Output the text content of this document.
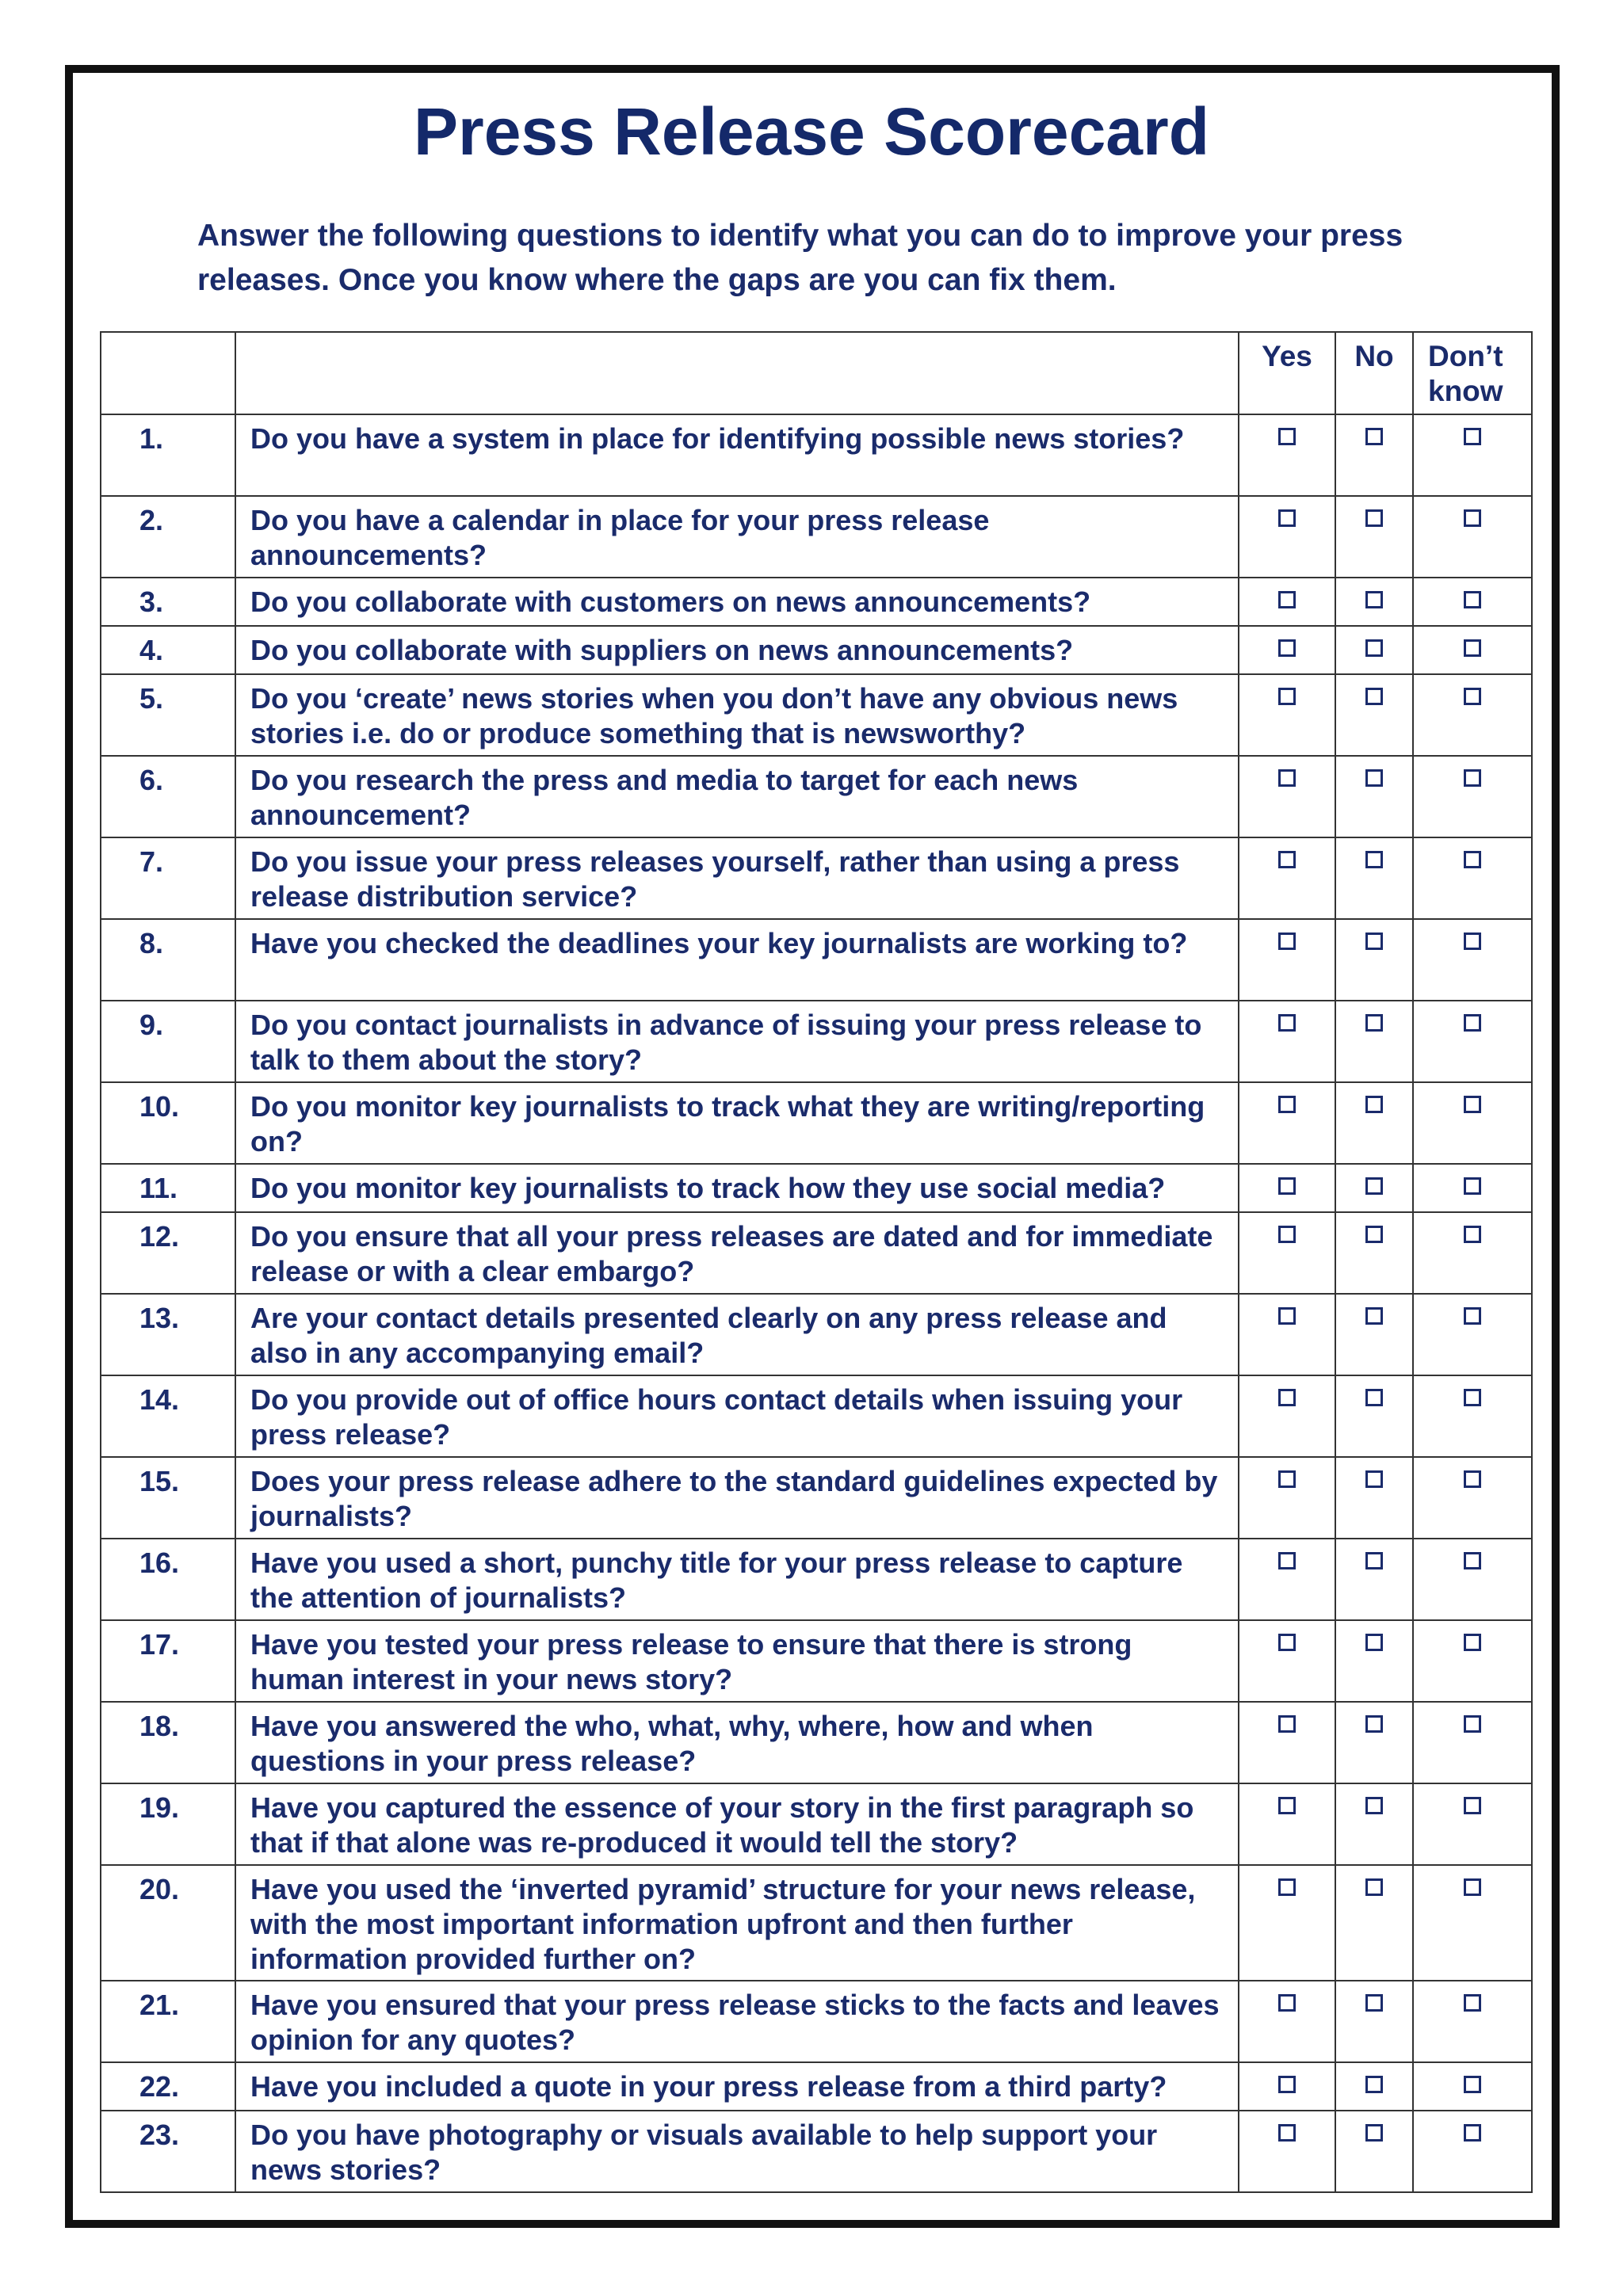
Press Release Scorecard

Answer the following questions to identify what you can do to improve your press releases. Once you know where the gaps are you can fix them.

		Yes	No	Don’t know
1.	Do you have a system in place for identifying possible news stories?			
2.	Do you have a calendar in place for your press release announcements?			
3.	Do you collaborate with customers on news announcements?			
4.	Do you collaborate with suppliers on news announcements?			
5.	Do you ‘create’ news stories when you don’t have any obvious news stories i.e. do or produce something that is newsworthy?			
6.	Do you research the press and media to target for each news announcement?			
7.	Do you issue your press releases yourself, rather than using a press release distribution service?			
8.	Have you checked the deadlines your key journalists are working to?			
9.	Do you contact journalists in advance of issuing your press release to talk to them about the story?			
10.	Do you monitor key journalists to track what they are writing/reporting on?			
11.	Do you monitor key journalists to track how they use social media?			
12.	Do you ensure that all your press releases are dated and for immediate release or with a clear embargo?			
13.	Are your contact details presented clearly on any press release and also in any accompanying email?			
14.	Do you provide out of office hours contact details when issuing your press release?			
15.	Does your press release adhere to the standard guidelines expected by journalists?			
16.	Have you used a short, punchy title for your press release to capture the attention of journalists?			
17.	Have you tested your press release to ensure that there is strong human interest in your news story?			
18.	Have you answered the who, what, why, where, how and when questions in your press release?			
19.	Have you captured the essence of your story in the first paragraph so that if that alone was re-produced it would tell the story?			
20.	Have you used the ‘inverted pyramid’ structure for your news release, with the most important information upfront and then further information provided further on?			
21.	Have you ensured that your press release sticks to the facts and leaves opinion for any quotes?			
22.	Have you included a quote in your press release from a third party?			
23.	Do you have photography or visuals available to help support your news stories?			
